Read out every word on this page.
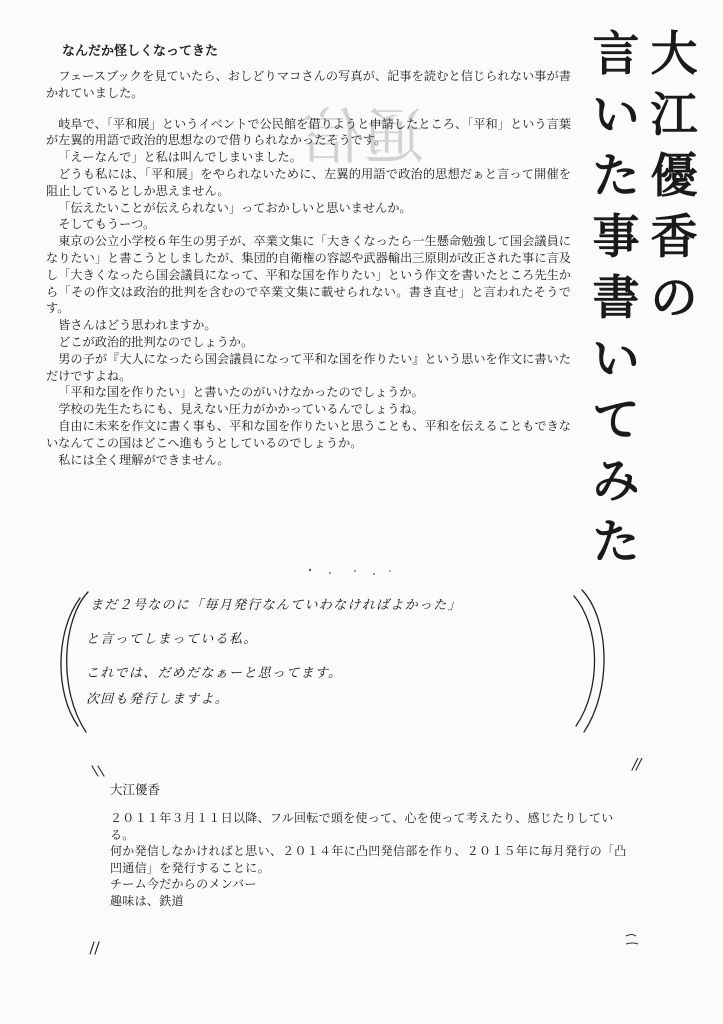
通信
大
江
優
香
の
言
い
た
事
書
い
て
み
た
なんだか怪しくなってきた

フェースブックを見ていたら、おしどりマコさんの写真が、記事を読むと信じられない事が書かれていました。

岐阜で、「平和展」というイベントで公民館を借りようと申請したところ、「平和」という言葉が左翼的用語で政治的思想なので借りられなかったそうです。

「えーなんで」と私は叫んでしまいました。

どうも私には、「平和展」をやられないために、左翼的用語で政治的思想だぁと言って開催を阻止しているとしか思えません。

「伝えたいことが伝えられない」っておかしいと思いませんか。

そしてもうーつ。

東京の公立小学校６年生の男子が、卒業文集に「大きくなったら一生懸命勉強して国会議員になりたい」と書こうとしましたが、集団的自衛権の容認や武器輸出三原則が改正された事に言及し「大きくなったら国会議員になって、平和な国を作りたい」という作文を書いたところ先生から「その作文は政治的批判を含むので卒業文集に載せられない。書き直せ」と言われたそうです。

皆さんはどう思われますか。

どこが政治的批判なのでしょうか。

男の子が『大人になったら国会議員になって平和な国を作りたい』という思いを作文に書いただけですよね。

「平和な国を作りたい」と書いたのがいけなかったのでしょうか。

学校の先生たちにも、見えない圧力がかかっているんでしょうね。

自由に未来を作文に書く事も、平和な国を作りたいと思うことも、平和を伝えることもできないなんてこの国はどこへ進もうとしているのでしょうか。

私には全く理解ができません。

まだ２号なのに「毎月発行なんていわなければよかった」
と言ってしまっている私。
これでは、だめだなぁーと思ってます。
次回も発行しますよ。
大江優香
２０１１年３月１１日以降、フル回転で頭を使って、心を使って考えたり、感じたりしている。
何か発信しなかければと思い、２０１４年に凸凹発信部を作り、２０１５年に毎月発行の「凸凹通信」を発行することに。
チーム今だからのメンバー
趣味は、鉄道
